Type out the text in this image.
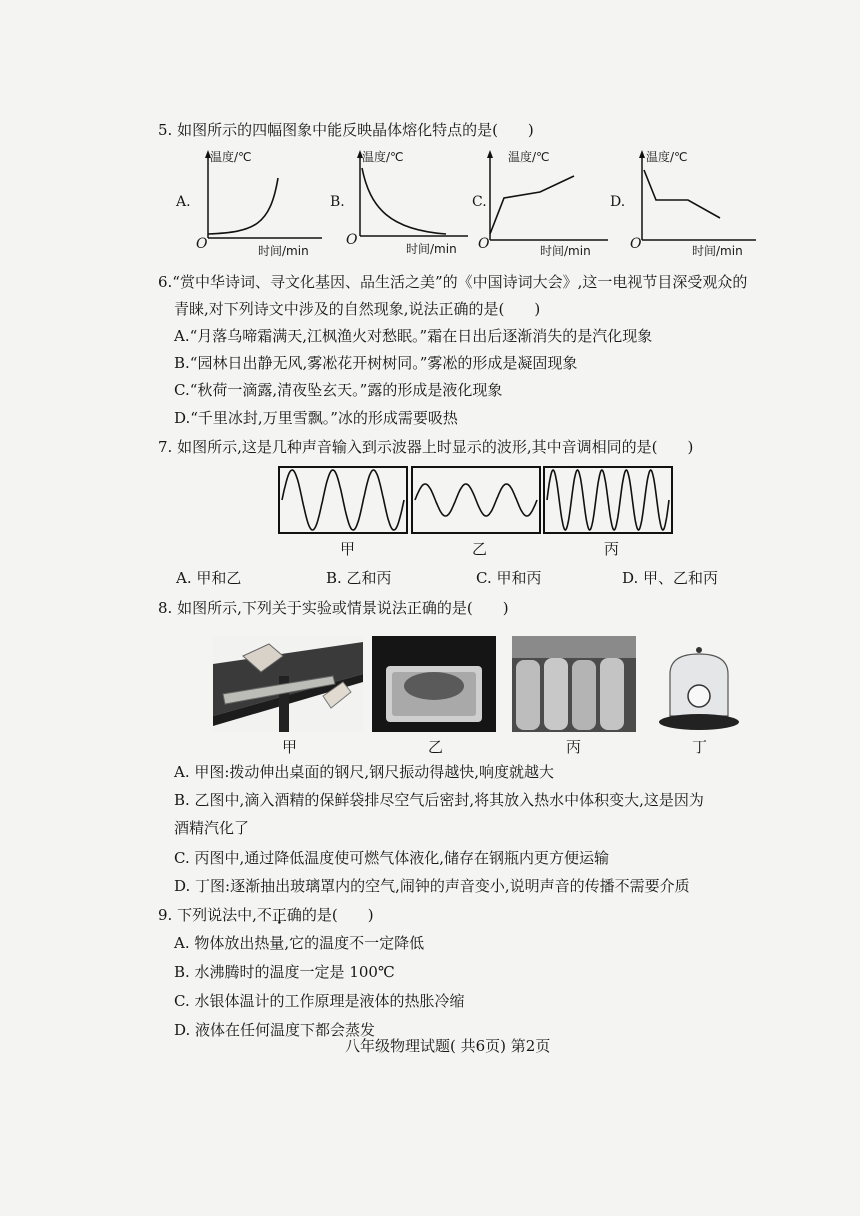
5. 如图所示的四幅图象中能反映晶体熔化特点的是(　　)
A.
温度/℃
O	时间/min
B.
温度/℃
O
时间/min
C.
温度/℃
O	时间/min
D.
温度/℃
O	时间/min
6.“赏中华诗词、寻文化基因、品生活之美”的《中国诗词大会》,这一电视节目深受观众的
青睐,对下列诗文中涉及的自然现象,说法正确的是(　　)
A.“月落乌啼霜满天,江枫渔火对愁眠。”霜在日出后逐渐消失的是汽化现象
B.“园林日出静无风,雾凇花开树树同。”雾凇的形成是凝固现象
C.“秋荷一滴露,清夜坠玄天。”露的形成是液化现象
D.“千里冰封,万里雪飘。”冰的形成需要吸热
7. 如图所示,这是几种声音输入到示波器上时显示的波形,其中音调相同的是(　　)
甲	乙	丙
A. 甲和乙	B. 乙和丙	C. 甲和丙	D. 甲、乙和丙
8. 如图所示,下列关于实验或情景说法正确的是(　　)
甲	乙	丙	丁
A. 甲图:拨动伸出桌面的钢尺,钢尺振动得越快,响度就越大
B. 乙图中,滴入酒精的保鲜袋排尽空气后密封,将其放入热水中体积变大,这是因为
酒精汽化了
C. 丙图中,通过降低温度使可燃气体液化,储存在钢瓶内更方便运输
D. 丁图:逐渐抽出玻璃罩内的空气,闹钟的声音变小,说明声音的传播不需要介质
9. 下列说法中,不正确的是(　　)
A. 物体放出热量,它的温度不一定降低
B. 水沸腾时的温度一定是 100℃
C. 水银体温计的工作原理是液体的热胀冷缩
D. 液体在任何温度下都会蒸发
八年级物理试题( 共6页) 第2页
